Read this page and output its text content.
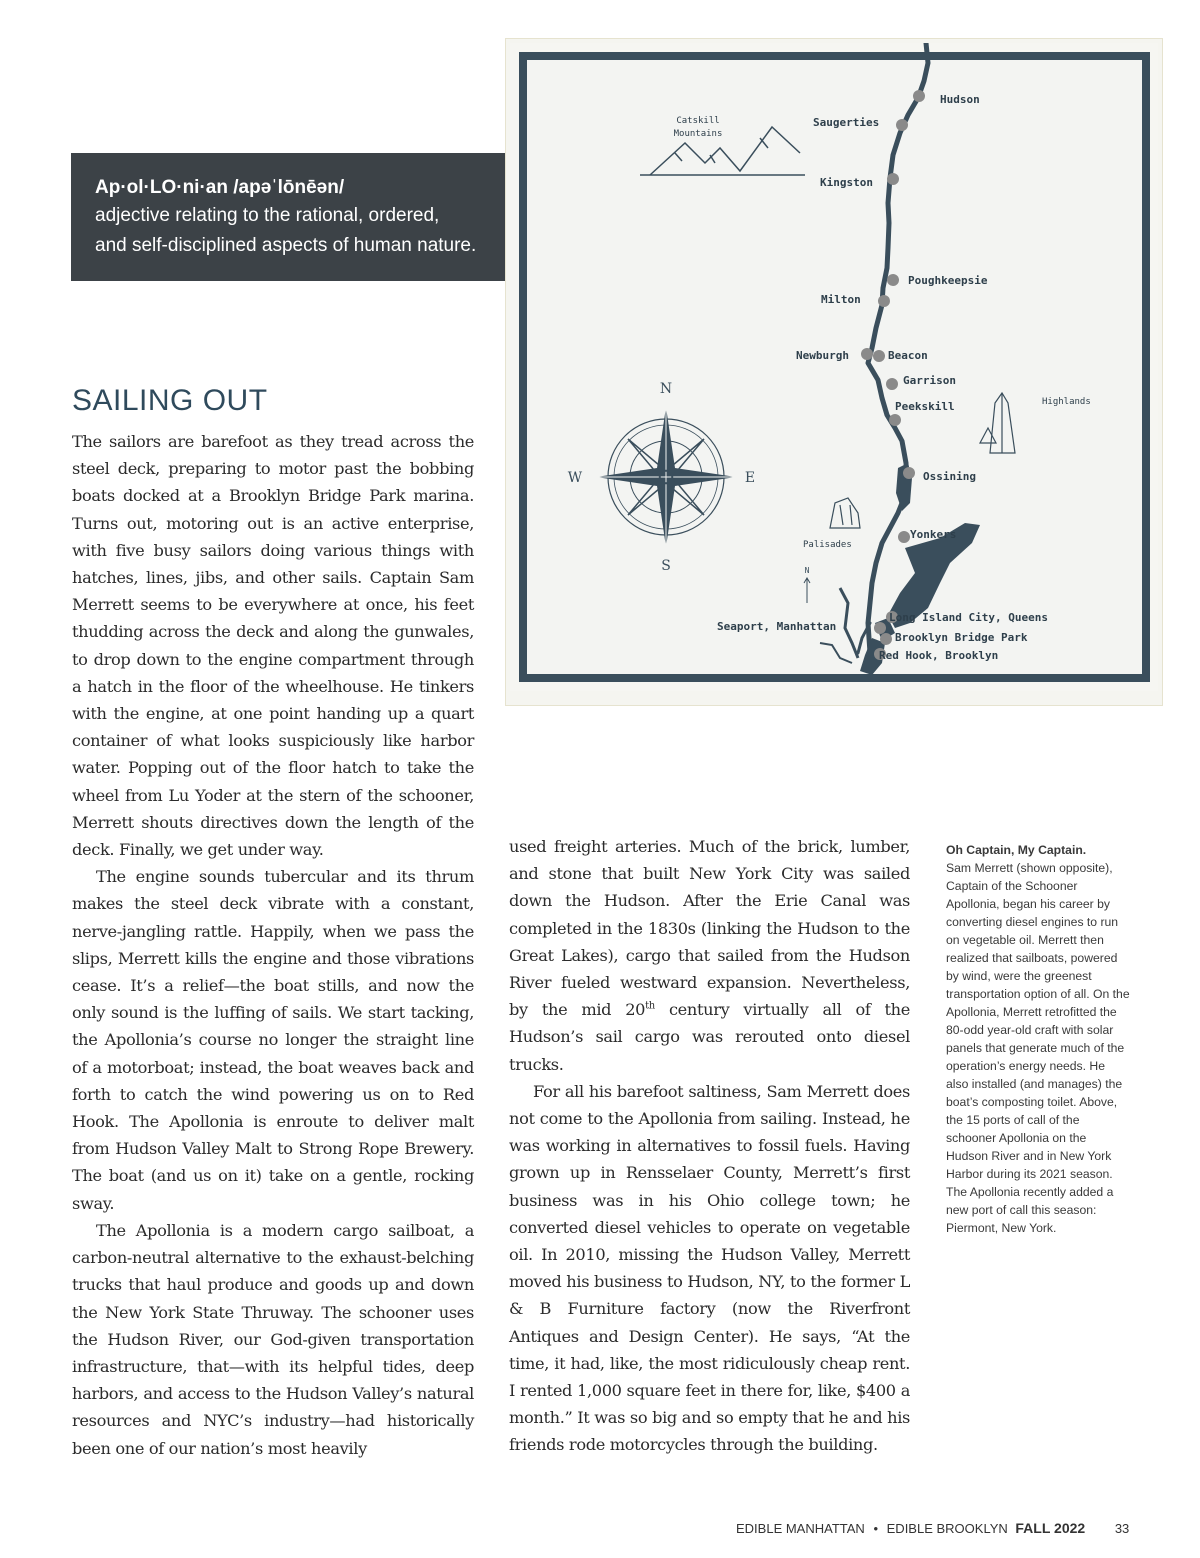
Ap·ol·LO·ni·an /apəˈlōnēən/
adjective relating to the rational, ordered,
and self-disciplined aspects of human nature.
N
S
E
W
N
Hudson
Saugerties
Kingston
Poughkeepsie
Milton
Newburgh	Beacon
Garrison
Peekskill
Ossining
Yonkers
Long Island City, Queens
Brooklyn Bridge Park
Seaport, Manhattan
Red Hook, Brooklyn
Catskill
Mountains
Highlands
Palisades
SAILING OUT

The sailors are barefoot as they tread across the steel deck, preparing to motor past the bobbing boats docked at a Brooklyn Bridge Park marina. Turns out, motoring out is an active enterprise, with five busy sailors doing various things with hatches, lines, jibs, and other sails. Captain Sam Merrett seems to be everywhere at once, his feet thudding across the deck and along the gunwales, to drop down to the engine compartment through a hatch in the floor of the wheelhouse. He tinkers with the engine, at one point handing up a quart container of what looks suspiciously like harbor water. Popping out of the floor hatch to take the wheel from Lu Yoder at the stern of the schooner, Merrett shouts directives down the length of the deck. Finally, we get under way.

The engine sounds tubercular and its thrum makes the steel deck vibrate with a constant, nerve-jangling rattle. Happily, when we pass the slips, Merrett kills the engine and those vibrations cease. It’s a relief—the boat stills, and now the only sound is the luffing of sails. We start tacking, the Apollonia’s course no longer the straight line of a motorboat; instead, the boat weaves back and forth to catch the wind powering us on to Red Hook. The Apollonia is enroute to deliver malt from Hudson Valley Malt to Strong Rope Brewery. The boat (and us on it) take on a gentle, rocking sway.

The Apollonia is a modern cargo sailboat, a carbon-neutral alternative to the exhaust-belching trucks that haul produce and goods up and down the New York State Thruway. The schooner uses the Hudson River, our God-given transportation infrastructure, that—with its helpful tides, deep harbors, and access to the Hudson Valley’s natural resources and NYC’s industry—had historically been one of our nation’s most heavily

used freight arteries. Much of the brick, lumber, and stone that built New York City was sailed down the Hudson. After the Erie Canal was completed in the 1830s (linking the Hudson to the Great Lakes), cargo that sailed from the Hudson River fueled westward expansion. Nevertheless, by the mid 20th century virtually all of the Hudson’s sail cargo was rerouted onto diesel trucks.

For all his barefoot saltiness, Sam Merrett does not come to the Apollonia from sailing. Instead, he was working in alternatives to fossil fuels. Having grown up in Rensselaer County, Merrett’s first business was in his Ohio college town; he converted diesel vehicles to operate on vegetable oil. In 2010, missing the Hudson Valley, Merrett moved his business to Hudson, NY, to the former L & B Furniture factory (now the Riverfront Antiques and Design Center). He says, “At the time, it had, like, the most ridiculously cheap rent. I rented 1,000 square feet in there for, like, $400 a month.” It was so big and so empty that he and his friends rode motorcycles through the building.

Oh Captain, My Captain.
Sam Merrett (shown opposite), Captain of the Schooner Apollonia, began his career by converting diesel engines to run on vegetable oil. Merrett then realized that sailboats, powered by wind, were the greenest transportation option of all. On the Apollonia, Merrett retrofitted the 80-odd year-old craft with solar panels that generate much of the operation’s energy needs. He also installed (and manages) the boat’s composting toilet. Above, the 15 ports of call of the schooner Apollonia on the Hudson River and in New York Harbor during its 2021 season. The Apollonia recently added a new port of call this season: Piermont, New York.
EDIBLE MANHATTAN • EDIBLE BROOKLYN FALL 2022 33
